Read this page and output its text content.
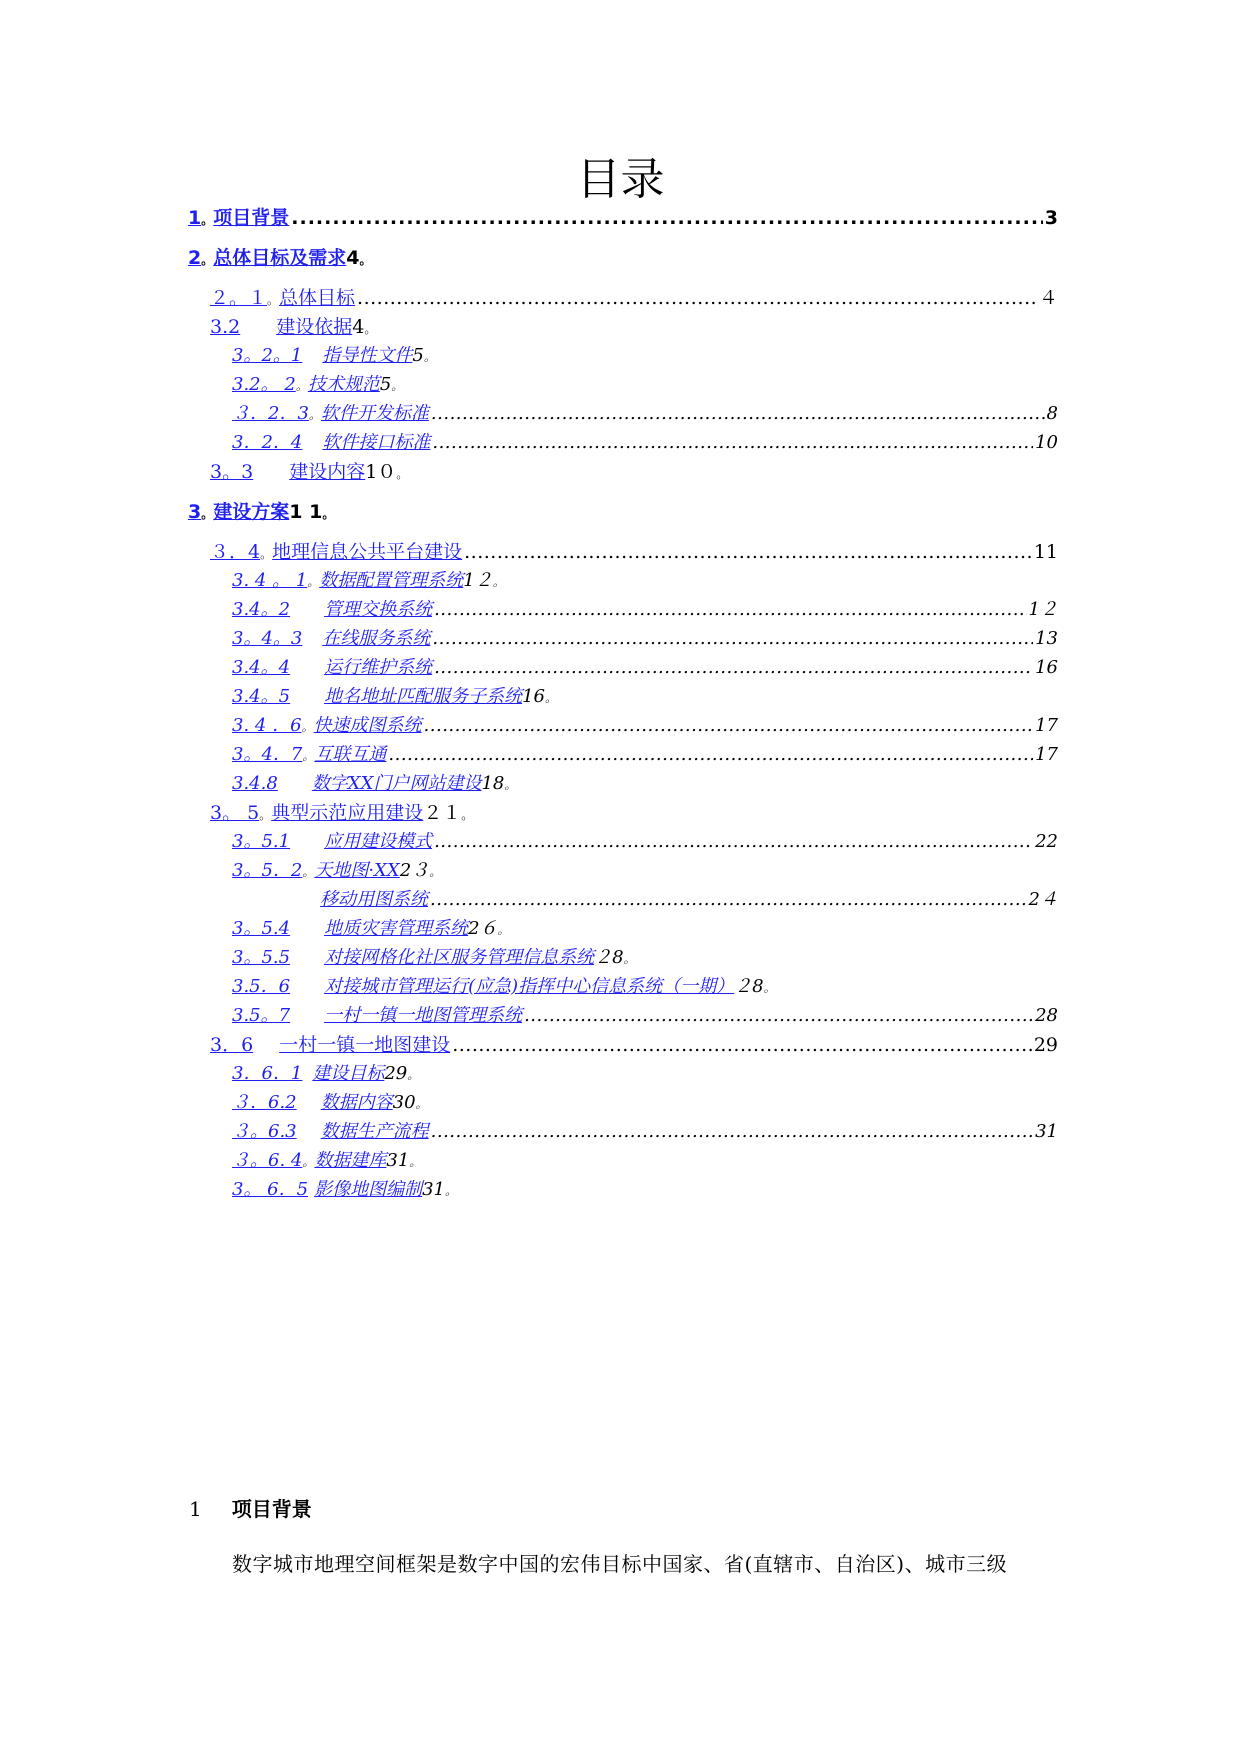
目录
1 。 项目背景 .....	3
2 。 总体目标及需求 4 。
２。１ 。 总体目标 .....	４
3.2 建设依据 4 。
3。2。1 指导性文件 5 。
3.2。 2 。 技术规范 5 。
３．2．3 。 软件开发标准 .....	8
3．2．4 软件接口标准 .....	10
3。3 建设内容 1０ 。
3 。 建设方案 1 1 。
３．4 。 地理信息公共平台建设 .....	11
3. 4 。 1 。 数据配置管理系统 1２ 。
3.4。2 管理交换系统 .....	1２
3。4。3 在线服务系统 .....	13
3.4。4 运行维护系统 .....	16
3.4。5 地名地址匹配服务子系统 16 。
3. 4 ．6 。 快速成图系统 .....	17
3。4．7 。 互联互通 .....	17
3.4.8 数字XX门户网站建设 18 。
3。 5 。 典型示范应用建设 ２１ 。
3。5.1 应用建设模式 .....	22
3。5．2 。 天地图·XX 2３ 。
移动用图系统 .....	2４
3。5.4 地质灾害管理系统 2６ 。
3。5.5 对接网格化社区服务管理信息系统 ２8 。
3.5．6 对接城市管理运行(应急)指挥中心信息系统（一期） ２8 。
3.5。7 一村一镇一地图管理系统 .....	28
3．6 一村一镇一地图建设 .....	29
3．6．1 建设目标 29 。
３．6.2 数据内容 30 。
３。6.3 数据生产流程 .....	31
３。6. 4 。 数据建库 31 。
3。 6．5 影像地图编制 31 。
1 项目背景
数字城市地理空间框架是数字中国的宏伟目标中国家、省(直辖市、自治区)、城市三级
